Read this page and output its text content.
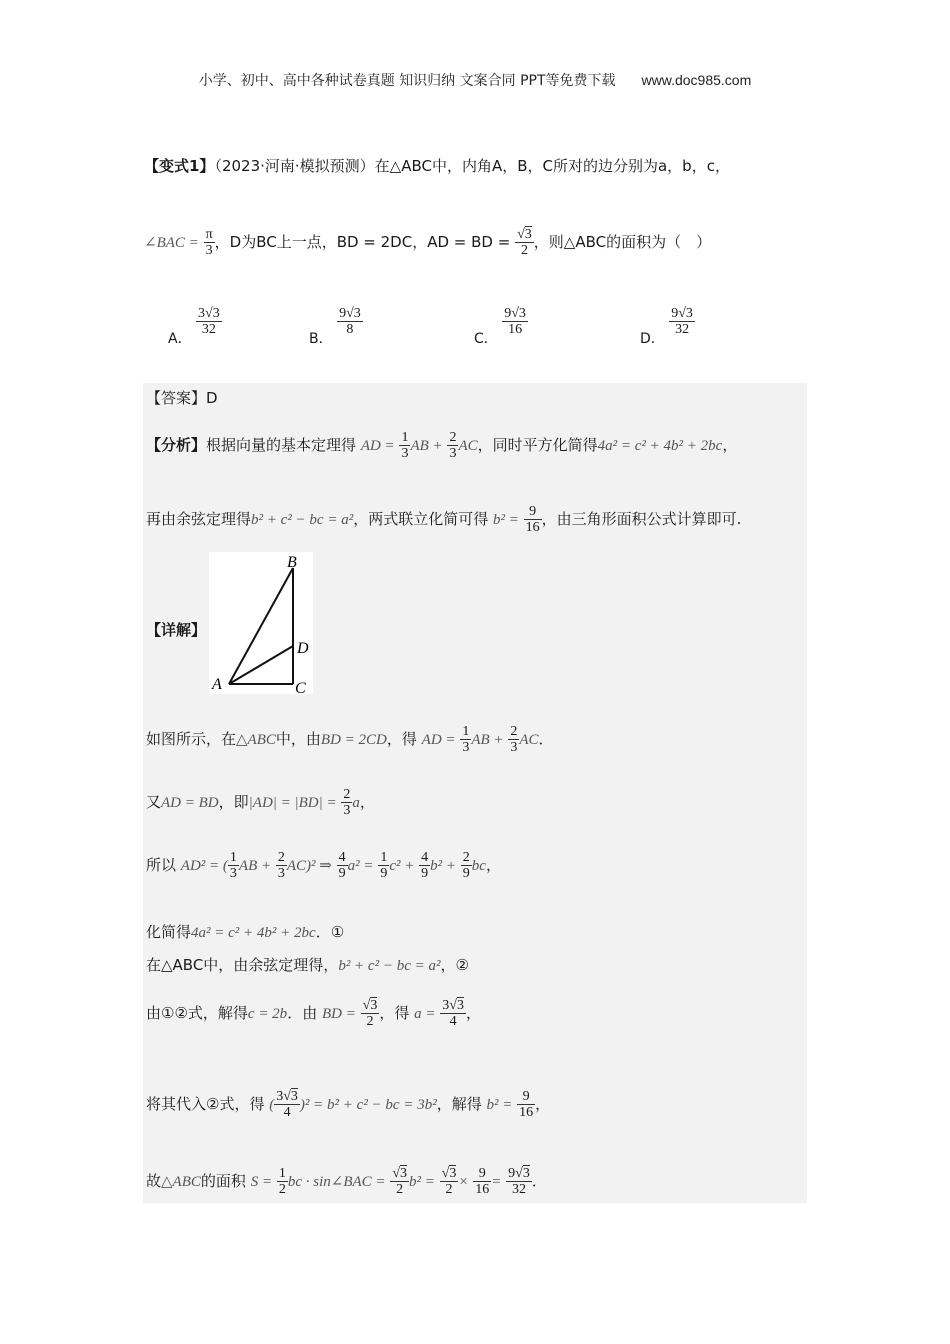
小学、初中、高中各种试卷真题 知识归纳 文案合同 PPT等免费下载 www.doc985.com
【变式1】（2023·河南·模拟预测）在△ABC中，内角A，B，C所对的边分别为a，b，c，
∠BAC = $\frac{\pi}{3}$ ，D为BC上一点，BD = 2DC，AD = BD = $\frac{√3}{2}$ ，则△ABC的面积为（　）
A．
$\frac{3√3}{32}$
B．
$\frac{9√3}{8}$
C．
$\frac{9√3}{16}$
D．
$\frac{9√3}{32}$
【答案】D
【分析】根据向量的基本定理得 AD = $\frac{1}{3}$ AB + $\frac{2}{3}$ AC，同时平方化简得4a² = c² + 4b² + 2bc，
再由余弦定理得b² + c² − bc = a²，两式联立化简可得 $b^2 = \frac{9}{16}$ ，由三角形面积公式计算即可.
B
D
A	C
【详解】
如图所示，在△ABC中，由BD = 2CD，得 AD = $\frac{1}{3}$ AB + $\frac{2}{3}$ AC．
又AD = BD，即$|AD| = |BD| = \frac{2}{3}$ a，
所以 AD² = ( $\frac{1}{3}$ AB + $\frac{2}{3} AC)^2$ ⇒ $\frac{4}{9} a^2 = \frac{1}{9} c^2 + \frac{4}{9} b^2 + \frac{2}{9}$ bc，
化简得4a² = c² + 4b² + 2bc．①
在△ABC中，由余弦定理得，b² + c² − bc = a²，②
由①②式，解得c = 2b．由 BD = $\frac{√3}{2}$ ，得 $a = \frac{3√3}{4}$ ，
将其代入②式，得 ( $\frac{3√3}{4} )^2 = b^2 + c^2$ − bc = 3b²，解得 $b^2 = \frac{9}{16}$ ，
故△ABC的面积 $S = \frac{1}{2}$ bc · sin∠BAC = $\frac{√3}{2} b^2 = \frac{√3}{2} \times \frac{9}{16} = \frac{9√3}{32}$ ．
